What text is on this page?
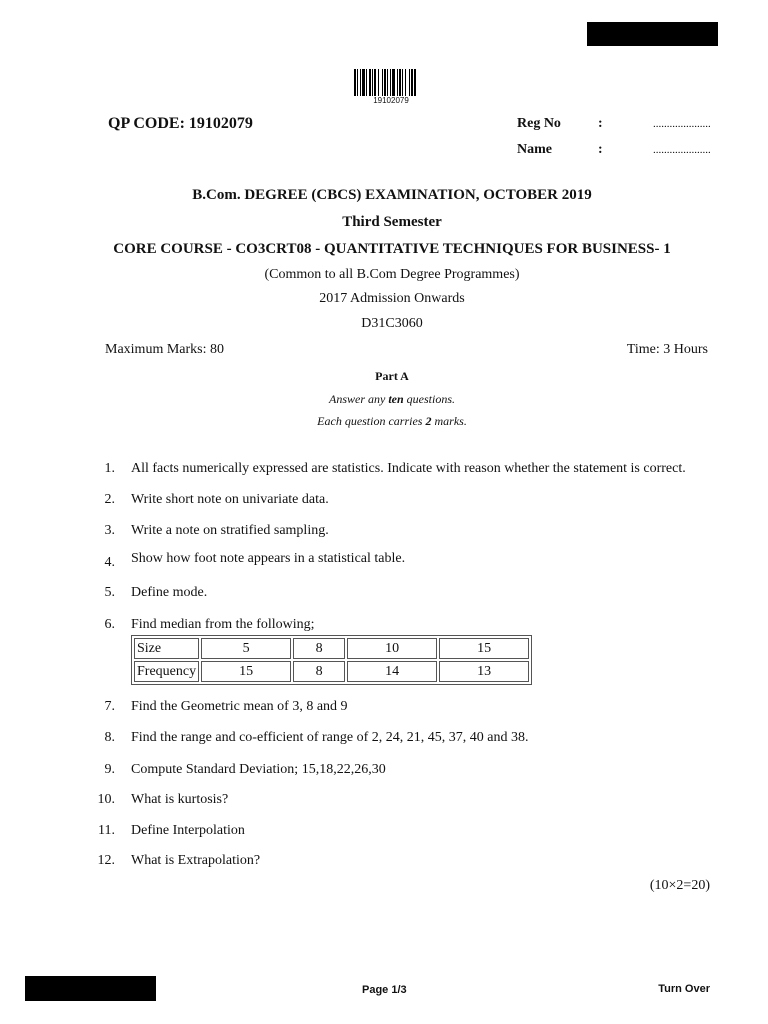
19102079
QP CODE: 19102079	Reg No	:	.....................
Name	:	.....................
B.Com. DEGREE (CBCS) EXAMINATION, OCTOBER 2019
Third Semester
CORE COURSE - CO3CRT08 - QUANTITATIVE TECHNIQUES FOR BUSINESS- 1
(Common to all B.Com Degree Programmes)
2017 Admission Onwards
D31C3060
Maximum Marks: 80	Time: 3 Hours
Part A
Answer any ten questions.
Each question carries 2 marks.
1. All facts numerically expressed are statistics. Indicate with reason whether the statement is correct.
2. Write short note on univariate data.
3. Write a note on stratified sampling.
4. Show how foot note appears in a statistical table.
5. Define mode.
6. Find median from the following;
Size	5	8	10	15
Frequency	15	8	14	13
7. Find the Geometric mean of 3, 8 and 9
8. Find the range and co-efficient of range of 2, 24, 21, 45, 37, 40 and 38.
9. Compute Standard Deviation; 15,18,22,26,30
10. What is kurtosis?
11. Define Interpolation
12. What is Extrapolation?
(10×2=20)
Page 1/3	Turn Over
